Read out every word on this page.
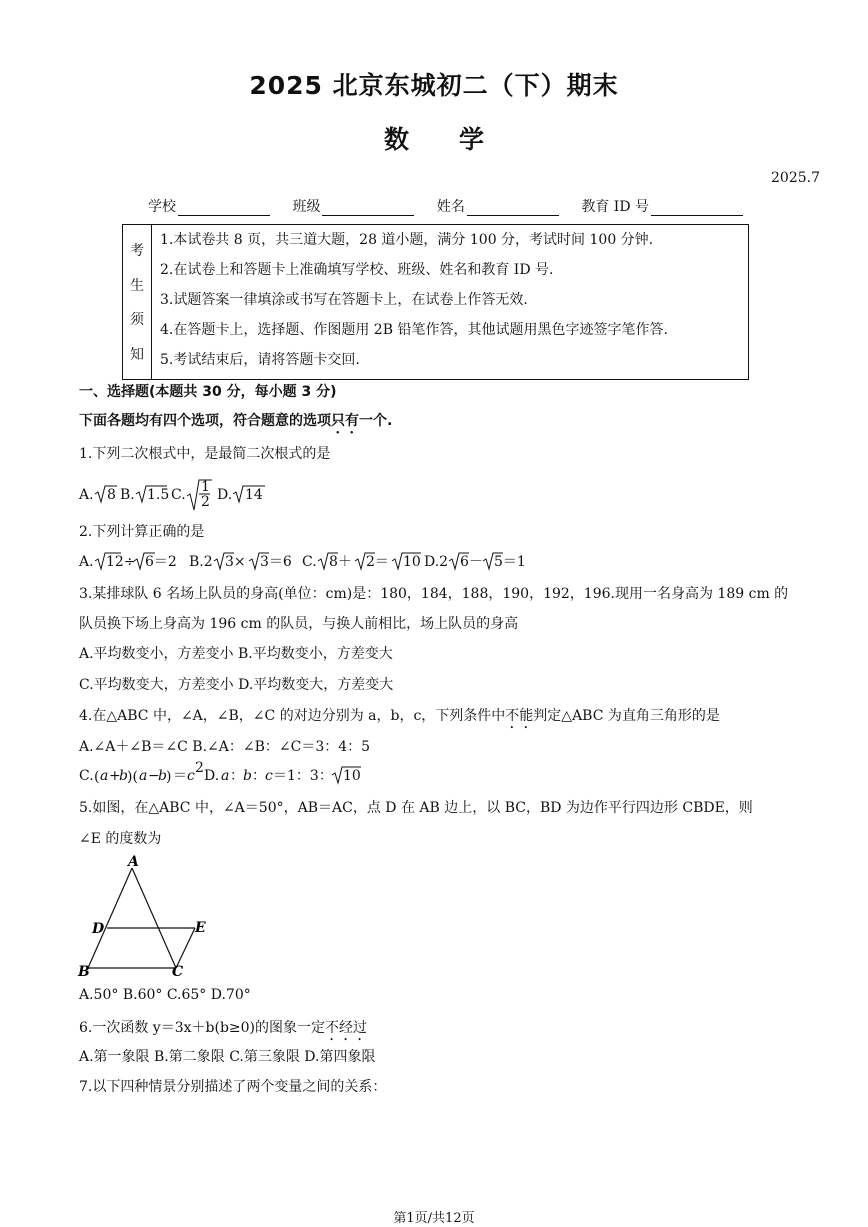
2025 北京东城初二（下）期末
数　　学
2025.7
学校	班级	姓名	教育 ID 号
考
生
须
知
1.本试卷共 8 页，共三道大题，28 道小题，满分 100 分，考试时间 100 分钟.
2.在试卷上和答题卡上准确填写学校、班级、姓名和教育 ID 号.
3.试题答案一律填涂或书写在答题卡上，在试卷上作答无效.
4.在答题卡上，选择题、作图题用 2B 铅笔作答，其他试题用黑色字迹签字笔作答.
5.考试结束后，请将答题卡交回.
一、选择题(本题共 30 分，每小题 3 分)
下面各题均有四个选项，符合题意的选项只有一个.
1.下列二次根式中，是最简二次根式的是
A. 8 B. 1.5 C. 1
2 D. 14
2.下列计算正确的是
A. 12÷ 6＝2 B.2 3× 3＝6 C. 8＋ 2＝ 10 D.2 6－ 5＝1
3.某排球队 6 名场上队员的身高(单位：cm)是：180，184，188，190，192，196.现用一名身高为 189 cm 的
队员换下场上身高为 196 cm 的队员，与换人前相比，场上队员的身高
A.平均数变小，方差变小 B.平均数变小，方差变大
C.平均数变大，方差变小 D.平均数变大，方差变大
4.在△ABC 中，∠A，∠B，∠C 的对边分别为 a，b，c，下列条件中不能判定△ABC 为直角三角形的是
A.∠A＋∠B＝∠C B.∠A：∠B：∠C＝3：4：5
C. ( a +
b )( a −
b ) ＝ c 2 D. a ： b ： c ＝1：3： 10
5.如图，在△ABC 中，∠A＝50°，AB＝AC，点 D 在 AB 边上，以 BC，BD 为边作平行四边形 CBDE，则
∠E 的度数为
A
D	E
B	C
A.50° B.60° C.65° D.70°
6.一次函数 y＝3x＋b(b≥0)的图象一定不经过
A.第一象限 B.第二象限 C.第三象限 D.第四象限
7.以下四种情景分别描述了两个变量之间的关系：
第1页/共12页
